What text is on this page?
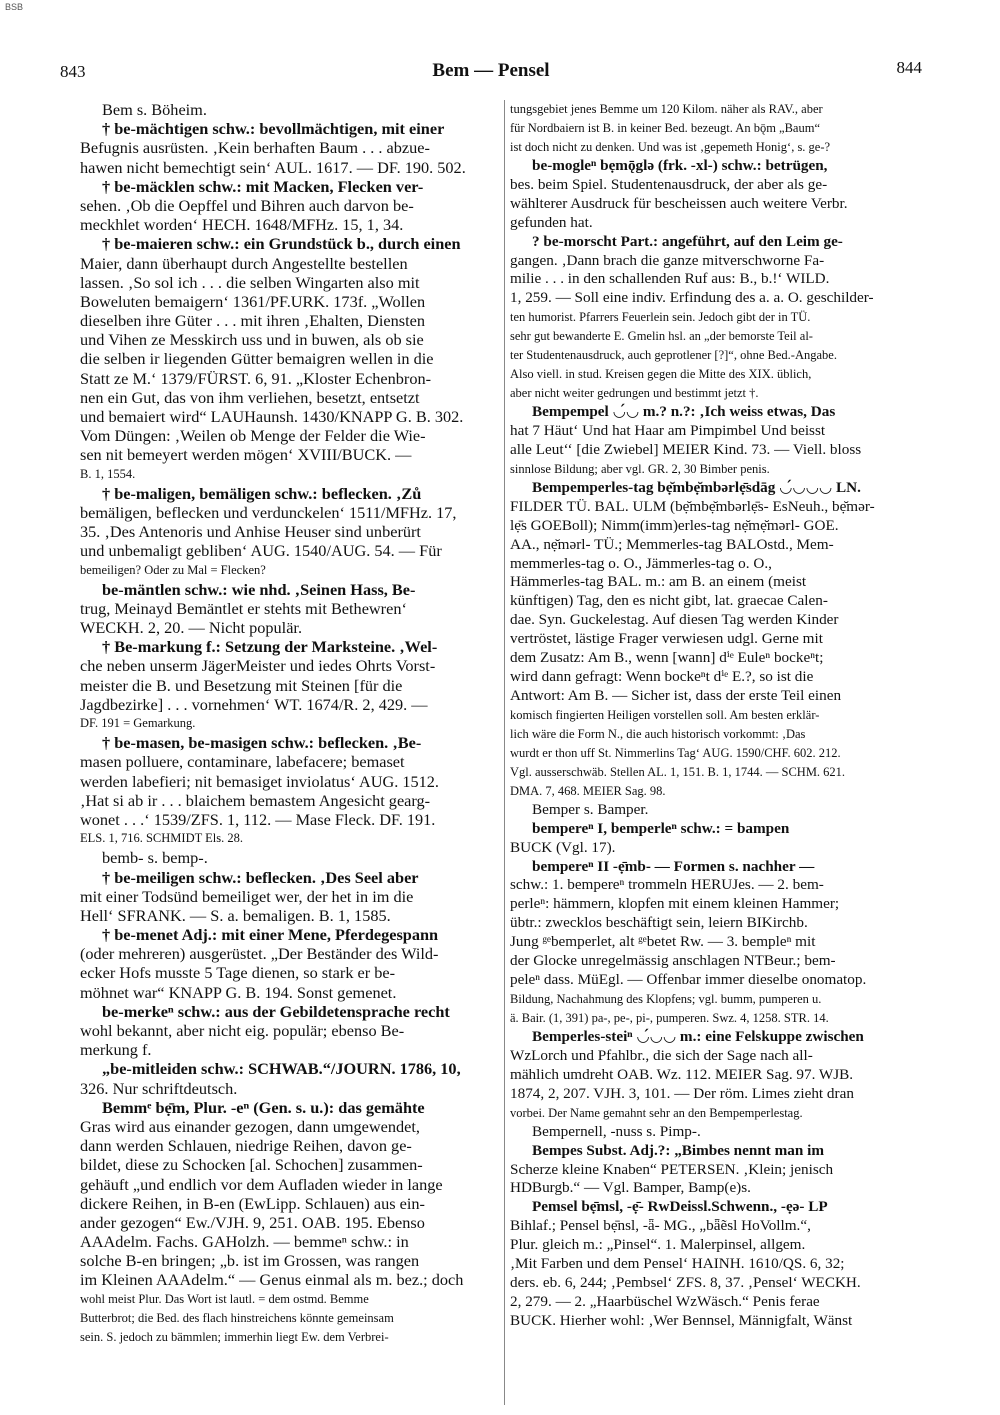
BSB
843	Bem — Pensel	844
Bem s. Böheim.
† be-mächtigen schw.: bevollmächtigen, mit einer
Befugnis ausrüsten. ‚Kein berhaften Baum . . . abzue-
hawen nicht bemechtigt sein‘ AUL. 1617. — DF. 190. 502.
† be-mäcklen schw.: mit Macken, Flecken ver-
sehen. ‚Ob die Oepffel und Bihren auch darvon be-
meckhlet worden‘ HECH. 1648/MFHz. 15, 1, 34.
† be-maieren schw.: ein Grundstück b., durch einen
Maier, dann überhaupt durch Angestellte bestellen
lassen. ‚So sol ich . . . die selben Wingarten also mit
Boweluten bemaigern‘ 1361/PF.URK. 173f. „Wollen
dieselben ihre Güter . . . mit ihren ‚Ehalten, Diensten
und Vihen ze Messkirch uss und in buwen, als ob sie
die selben ir liegenden Gütter bemaigren wellen in die
Statt ze M.‘ 1379/FÜRST. 6, 91. „Kloster Echenbron-
nen ein Gut, das von ihm verliehen, besetzt, entsetzt
und bemaiert wird“ LAUHaunsh. 1430/KNAPP G. B. 302.
Vom Düngen: ‚Weilen ob Menge der Felder die Wie-
sen nit bemeyert werden mögen‘ XVIII/BUCK. —
B. 1, 1554.
† be-maligen, bemäligen schw.: beflecken. ‚Zů
bemäligen, beflecken und verdunckelen‘ 1511/MFHz. 17,
35. ‚Des Antenoris und Anhise Heuser sind unberürt
und unbemaligt gebliben‘ AUG. 1540/AUG. 54. — Für
bemeiligen? Oder zu Mal = Flecken?
be-mäntlen schw.: wie nhd. ‚Seinen Hass, Be-
trug, Meinayd Bemäntlet er stehts mit Bethewren‘
WECKH. 2, 20. — Nicht populär.
† Be-markung f.: Setzung der Marksteine. ‚Wel-
che neben unserm JägerMeister und iedes Ohrts Vorst-
meister die B. und Besetzung mit Steinen [für die
Jagdbezirke] . . . vornehmen‘ WT. 1674/R. 2, 429. —
DF. 191 = Gemarkung.
† be-masen, be-masigen schw.: beflecken. ‚Be-
masen polluere, contaminare, labefacere; bemaset
werden labefieri; nit bemasiget inviolatus‘ AUG. 1512.
‚Hat si ab ir . . . blaichem bemastem Angesicht gearg-
wonet . . .‘ 1539/ZFS. 1, 112. — Mase Fleck. DF. 191.
ELS. 1, 716. SCHMIDT Els. 28.
bemb- s. bemp-.
† be-meiligen schw.: beflecken. ‚Des Seel aber
mit einer Todsünd bemeiliget wer, der het in im die
Hell‘ SFRANK. — S. a. bemaligen. B. 1, 1585.
† be-menet Adj.: mit einer Mene, Pferdegespann
(oder mehreren) ausgerüstet. „Der Beständer des Wild-
ecker Hofs musste 5 Tage dienen, so stark er be-
möhnet war“ KNAPP G. B. 194. Sonst gemenet.
be-merkeⁿ schw.: aus der Gebildetensprache recht
wohl bekannt, aber nicht eig. populär; ebenso Be-
merkung f.
„be-mitleiden schw.: SCHWAB.“/JOURN. 1786, 10,
326. Nur schriftdeutsch.
Bemmᵉ bẹ̄m, Plur. -eⁿ (Gen. s. u.): das gemähte
Gras wird aus einander gezogen, dann umgewendet,
dann werden Schlauen, niedrige Reihen, davon ge-
bildet, diese zu Schocken [al. Schochen] zusammen-
gehäuft „und endlich vor dem Aufladen wieder in lange
dickere Reihen, in B-en (EwLipp. Schlauen) aus ein-
ander gezogen“ Ew./VJH. 9, 251. OAB. 195. Ebenso
AAAdelm. Fachs. GAHolzh. — bemmeⁿ schw.: in
solche B-en bringen; „b. ist im Grossen, was rangen
im Kleinen AAAdelm.“ — Genus einmal als m. bez.; doch
wohl meist Plur. Das Wort ist lautl. = dem ostmd. Bemme
Butterbrot; die Bed. des flach hinstreichens könnte gemeinsam
sein. S. jedoch zu bämmlen; immerhin liegt Ew. dem Verbrei-
tungsgebiet jenes Bemme um 120 Kilom. näher als RAV., aber
für Nordbaiern ist B. in keiner Bed. bezeugt. An bǭm „Baum“
ist doch nicht zu denken. Und was ist ‚gepemeth Honig‘, s. ge-?
be-mogleⁿ bẹmǭglə (frk. -xl-) schw.: betrügen,
bes. beim Spiel. Studentenausdruck, der aber als ge-
wählterer Ausdruck für bescheissen auch weitere Verbr.
gefunden hat.
? be-morscht Part.: angeführt, auf den Leim ge-
gangen. ‚Dann brach die ganze mitverschworne Fa-
milie . . . in den schallenden Ruf aus: B., b.!‘ WILD.
1, 259. — Soll eine indiv. Erfindung des a. a. O. geschilder-
ten humorist. Pfarrers Feuerlein sein. Jedoch gibt der in TÜ.
sehr gut bewanderte E. Gmelin hsl. an „der bemorste Teil al-
ter Studentenausdruck, auch geprotlener [?]“, ohne Bed.-Angabe.
Also viell. in stud. Kreisen gegen die Mitte des XIX. üblich,
aber nicht weiter gedrungen und bestimmt jetzt †.
Bempempel ◡́◡ m.? n.?: ‚Ich weiss etwas, Das
hat 7 Häut‘ Und hat Haar am Pimpimbel Und beisst
alle Leut‘‘ [die Zwiebel] MEIER Kind. 73. — Viell. bloss
sinnlose Bildung; aber vgl. GR. 2, 30 Bimber penis.
Bempemperles-tag bẹ̆mbẹ̆mbərlẹ̄sdāg ◡́◡◡◡ LN.
FILDER TÜ. BAL. ULM (bẹ̆mbẹ̆mbərlẹ̄s- EsNeuh., bẹ̆mər-
lẹ̄s GOEBoll); Nimm(imm)erles-tag nẹ̆mẹ̆mərl- GOE.
AA., nẹ̆mərl- TÜ.; Memmerles-tag BALOstd., Mem-
memmerles-tag o. O., Jämmerles-tag o. O.,
Hämmerles-tag BAL. m.: am B. an einem (meist
künftigen) Tag, den es nicht gibt, lat. graecae Calen-
dae. Syn. Guckelestag. Auf diesen Tag werden Kinder
vertröstet, lästige Frager verwiesen udgl. Gerne mit
dem Zusatz: Am B., wenn [wann] dⁱᵉ Euleⁿ bockeⁿt;
wird dann gefragt: Wenn bockeⁿt dⁱᵉ E.?, so ist die
Antwort: Am B. — Sicher ist, dass der erste Teil einen
komisch fingierten Heiligen vorstellen soll. Am besten erklär-
lich wäre die Form N., die auch historisch vorkommt: ‚Das
wurdt er thon uff St. Nimmerlins Tag‘ AUG. 1590/CHF. 602. 212.
Vgl. ausserschwäb. Stellen AL. 1, 151. B. 1, 1744. — SCHM. 621.
DMA. 7, 468. MEIER Sag. 98.
Bemper s. Bamper.
bempereⁿ I, bemperleⁿ schw.: = bampen
BUCK (Vgl. 17).
bempereⁿ II -ẹ̄mb- — Formen s. nachher —
schw.: 1. bempereⁿ trommeln HERUJes. — 2. bem-
perleⁿ: hämmern, klopfen mit einem kleinen Hammer;
übtr.: zwecklos beschäftigt sein, leiern BIKirchb.
Jung ᵍᵉbemperlet, alt ᵍᵉbetet Rw. — 3. bempleⁿ mit
der Glocke unregelmässig anschlagen NTBeur.; bem-
peleⁿ dass. MüEgl. — Offenbar immer dieselbe onomatop.
Bildung, Nachahmung des Klopfens; vgl. bumm, pumperen u.
ä. Bair. (1, 391) pa-, pe-, pi-, pumperen. Swz. 4, 1258. STR. 14.
Bemperles-steiⁿ ◡́◡◡ m.: eine Felskuppe zwischen
WzLorch und Pfahlbr., die sich der Sage nach all-
mählich umdreht OAB. Wz. 112. MEIER Sag. 97. WJB.
1874, 2, 207. VJH. 3, 101. — Der röm. Limes zieht dran
vorbei. Der Name gemahnt sehr an den Bempemperlestag.
Bempernell, -nuss s. Pimp-.
Bempes Subst. Adj.?: „Bimbes nennt man im
Scherze kleine Knaben“ PETERSEN. ‚Klein; jenisch
HDBurgb.“ — Vgl. Bamper, Bamp(e)s.
Pemsel bẹ̄msl, -ẹ̄- RwDeissl.Schwenn., -ẹə- LP
Bihlaf.; Pensel bẹ̄nsl, -ǟ- MG., „bǟẽsl HoVollm.“,
Plur. gleich m.: „Pinsel“. 1. Malerpinsel, allgem.
‚Mit Farben und dem Pensel‘ HAINH. 1610/QS. 6, 32;
ders. eb. 6, 244; ‚Pembsel‘ ZFS. 8, 37. ‚Pensel‘ WECKH.
2, 279. — 2. „Haarbüschel WzWäsch.“ Penis ferae
BUCK. Hierher wohl: ‚Wer Bennsel, Männigfalt, Wänst
